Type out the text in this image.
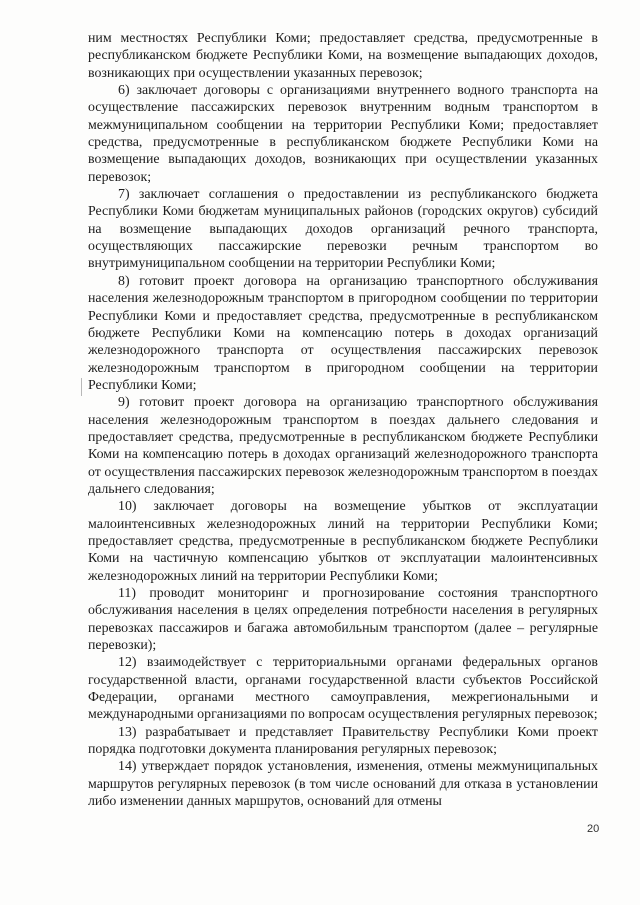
ним местностях Республики Коми; предоставляет средства, предусмотренные в республиканском бюджете Республики Коми, на возмещение выпадающих доходов, возникающих при осуществлении указанных перевозок;

6) заключает договоры с организациями внутреннего водного транспорта на осуществление пассажирских перевозок внутренним водным транспортом в межмуниципальном сообщении на территории Республики Коми; предоставляет средства, предусмотренные в республиканском бюджете Республики Коми на возмещение выпадающих доходов, возникающих при осуществлении указанных перевозок;

7) заключает соглашения о предоставлении из республиканского бюджета Республики Коми бюджетам муниципальных районов (городских округов) субсидий на возмещение выпадающих доходов организаций речного транспорта, осуществляющих пассажирские перевозки речным транспортом во внутримуниципальном сообщении на территории Республики Коми;

8) готовит проект договора на организацию транспортного обслуживания населения железнодорожным транспортом в пригородном сообщении по территории Республики Коми и предоставляет средства, предусмотренные в республиканском бюджете Республики Коми на компенсацию потерь в доходах организаций железнодорожного транспорта от осуществления пассажирских перевозок железнодорожным транспортом в пригородном сообщении на территории Республики Коми;

9) готовит проект договора на организацию транспортного обслуживания населения железнодорожным транспортом в поездах дальнего следования и предоставляет средства, предусмотренные в республиканском бюджете Республики Коми на компенсацию потерь в доходах организаций железнодорожного транспорта от осуществления пассажирских перевозок железнодорожным транспортом в поездах дальнего следования;

10) заключает договоры на возмещение убытков от эксплуатации малоинтенсивных железнодорожных линий на территории Республики Коми; предоставляет средства, предусмотренные в республиканском бюджете Республики Коми на частичную компенсацию убытков от эксплуатации малоинтенсивных железнодорожных линий на территории Республики Коми;

11) проводит мониторинг и прогнозирование состояния транспортного обслуживания населения в целях определения потребности населения в регулярных перевозках пассажиров и багажа автомобильным транспортом (далее – регулярные перевозки);

12) взаимодействует с территориальными органами федеральных органов государственной власти, органами государственной власти субъектов Российской Федерации, органами местного самоуправления, межрегиональными и международными организациями по вопросам осуществления регулярных перевозок;

13) разрабатывает и представляет Правительству Республики Коми проект порядка подготовки документа планирования регулярных перевозок;

14) утверждает порядок установления, изменения, отмены межмуниципальных маршрутов регулярных перевозок (в том числе оснований для отказа в установлении либо изменении данных маршрутов, оснований для отмены

20
